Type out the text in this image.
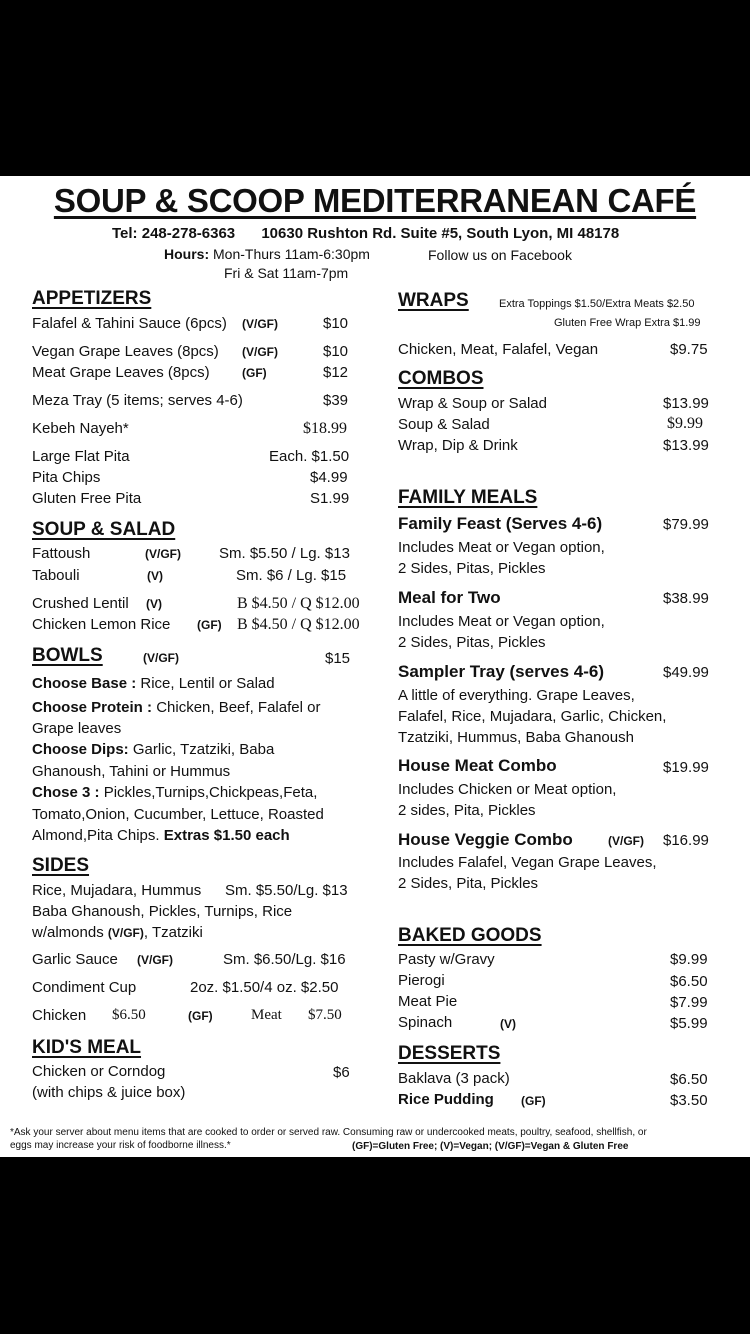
SOUP & SCOOP MEDITERRANEAN CAFÉ
Tel: 248-278-6363 10630 Rushton Rd. Suite #5, South Lyon, MI 48178
Hours: Mon-Thurs 11am-6:30pm	Follow us on Facebook
Fri & Sat 11am-7pm
APPETIZERS
Falafel & Tahini Sauce (6pcs) (V/GF)	$10
Vegan Grape Leaves (8pcs) (V/GF)	$10
Meat Grape Leaves (8pcs)	(GF)	$12
Meza Tray (5 items; serves 4-6)	$39
Kebeh Nayeh*	$18.99
Large Flat Pita	Each. $1.50
Pita Chips	$4.99
Gluten Free Pita	S1.99
SOUP & SALAD
Fattoush	(V/GF)	Sm. $5.50 / Lg. $13
Tabouli	(V)	Sm. $6 / Lg. $15
Crushed Lentil (V)	B $4.50 / Q $12.00
Chicken Lemon Rice (GF) B $4.50 / Q $12.00
BOWLS	(V/GF)	$15
Choose Base : Rice, Lentil or Salad
Choose Protein : Chicken, Beef, Falafel or
Grape leaves
Choose Dips: Garlic, Tzatziki, Baba
Ghanoush, Tahini or Hummus
Chose 3 : Pickles,Turnips,Chickpeas,Feta,
Tomato,Onion, Cucumber, Lettuce, Roasted
Almond,Pita Chips. Extras $1.50 each
SIDES
Rice, Mujadara, Hummus Sm. $5.50/Lg. $13
Baba Ghanoush, Pickles, Turnips, Rice
w/almonds (V/GF), Tzatziki
Garlic Sauce (V/GF)	Sm. $6.50/Lg. $16
Condiment Cup	2oz. $1.50/4 oz. $2.50
Chicken $6.50	(GF)	Meat $7.50
KID'S MEAL
Chicken or Corndog
(with chips & juice box)
$6
WRAPS	Extra Toppings $1.50/Extra Meats $2.50
Gluten Free Wrap Extra $1.99
Chicken, Meat, Falafel, Vegan	$9.75
COMBOS
Wrap & Soup or Salad	$13.99
Soup & Salad	$9.99
Wrap, Dip & Drink	$13.99
FAMILY MEALS
Family Feast (Serves 4-6)	$79.99
Includes Meat or Vegan option,
2 Sides, Pitas, Pickles
Meal for Two	$38.99
Includes Meat or Vegan option,
2 Sides, Pitas, Pickles
Sampler Tray (serves 4-6)	$49.99
A little of everything. Grape Leaves,
Falafel, Rice, Mujadara, Garlic, Chicken,
Tzatziki, Hummus, Baba Ghanoush
House Meat Combo	$19.99
Includes Chicken or Meat option,
2 sides, Pita, Pickles
House Veggie Combo	(V/GF) $16.99
Includes Falafel, Vegan Grape Leaves,
2 Sides, Pita, Pickles
BAKED GOODS
Pasty w/Gravy	$9.99
Pierogi	$6.50
Meat Pie	$7.99
Spinach	(V)	$5.99
DESSERTS
Baklava (3 pack)	$6.50
Rice Pudding (GF)	$3.50
*Ask your server about menu items that are cooked to order or served raw. Consuming raw or undercooked meats, poultry, seafood, shellfish, or
eggs may increase your risk of foodborne illness.*	(GF)=Gluten Free; (V)=Vegan; (V/GF)=Vegan & Gluten Free
